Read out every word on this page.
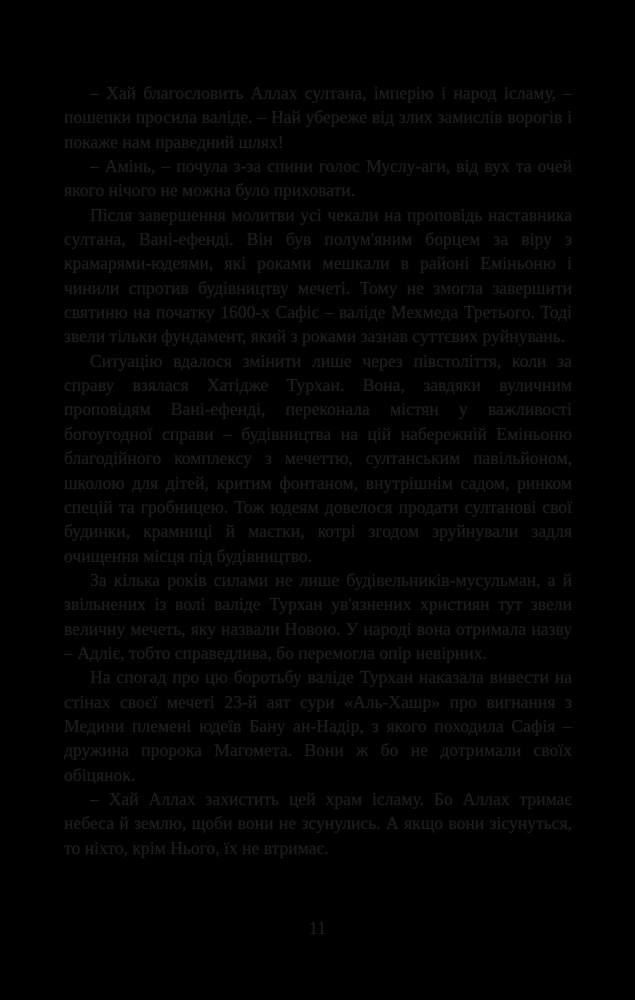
– Хай благословить Аллах султана, імперію і народ ісламу, – пошепки просила валіде. – Най убереже від злих замислів ворогів і покаже нам праведний шлях!

– Амінь, – почула з-за спини голос Муслу-аги, від вух та очей якого нічого не можна було приховати.

Після завершення молитви усі чекали на проповідь наставника султана, Вані-ефенді. Він був полум'яним борцем за віру з крамарями-юдеями, які роками мешкали в районі Еміньоню і чинили спротив будівництву мечеті. Тому не змогла завершити святиню на початку 1600-х Сафіє – валіде Мехмеда Третього. Тоді звели тільки фундамент, який з роками зазнав суттєвих руйнувань.

Ситуацію вдалося змінити лише через півстоліття, коли за справу взялася Хатідже Турхан. Вона, завдяки вуличним проповідям Вані-ефенді, переконала містян у важливості богоугодної справи – будівництва на цій набережній Еміньоню благодійного комплексу з мечеттю, султанським павільйоном, школою для дітей, критим фонтаном, внутрішнім садом, ринком спецій та гробницею. Тож юдеям довелося продати султанові свої будинки, крамниці й маєтки, котрі згодом зруйнували задля очищення місця під будівництво.

За кілька років силами не лише будівельників-мусульман, а й звільнених із волі валіде Турхан ув'язнених християн тут звели величну мечеть, яку назвали Новою. У народі вона отримала назву – Адліє, тобто справедлива, бо перемогла опір невірних.

На спогад про цю боротьбу валіде Турхан наказала вивести на стінах своєї мечеті 23-й аят сури «Аль-Хашр» про вигнання з Медини племені юдеїв Бану ан-Надір, з якого походила Сафія – дружина пророка Магомета. Вони ж бо не дотримали своїх обіцянок.

– Хай Аллах захистить цей храм ісламу. Бо Аллах тримає небеса й землю, щоби вони не зсунулись. А якщо вони зісунуться, то ніхто, крім Нього, їх не втримає.

11
